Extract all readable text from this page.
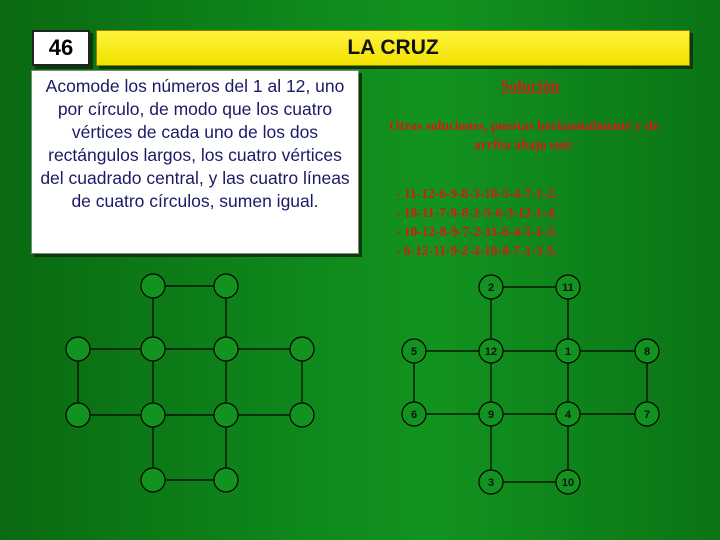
46	LA CRUZ
Acomode los números del 1 al 12, uno por círculo, de modo que los cuatro vértices de cada uno de los dos rectángulos largos, los cuatro vértices del cuadrado central, y las cuatro líneas de cuatro círculos, sumen igual.
Solución
Otras soluciones, puestas horizontalmente y de arriba abajo son:
- 11-12-6-9-8-3-10-5-4-7-1-2.
- 10-11-7-9-8-2-5-6-3-12-1-4.
- 10-12-8-9-7-2-11-6-4-5-1-3.
- 6-12-11-9-2-4-10-8-7-1-3-5.
2	11
5	12	1	8
6	9	4	7
3	10
